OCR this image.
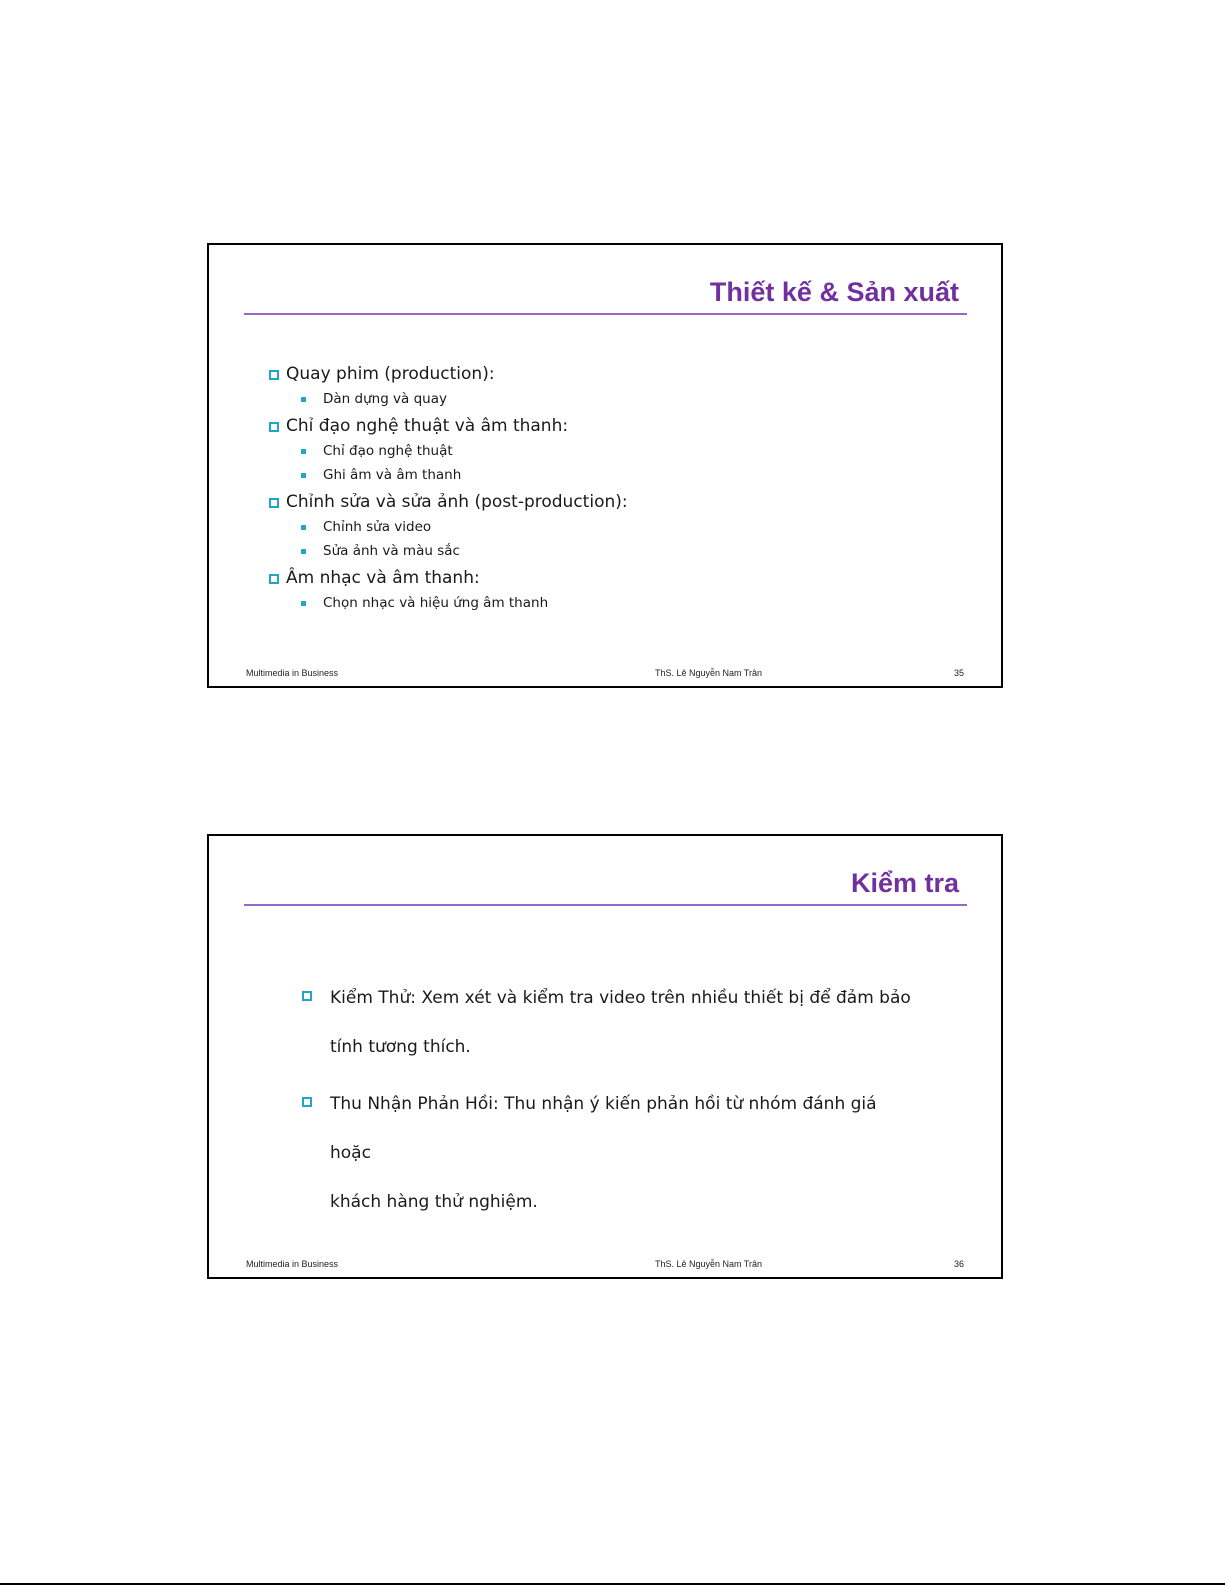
Thiết kế & Sản xuất
Quay phim (production):
Dàn dựng và quay
Chỉ đạo nghệ thuật và âm thanh:
Chỉ đạo nghệ thuật
Ghi âm và âm thanh
Chỉnh sửa và sửa ảnh (post-production):
Chỉnh sửa video
Sửa ảnh và màu sắc
Âm nhạc và âm thanh:
Chọn nhạc và hiệu ứng âm thanh
Multimedia in Business	ThS. Lê Nguyễn Nam Trân	35
Kiểm tra
Kiểm Thử: Xem xét và kiểm tra video trên nhiều thiết bị để đảm bảo
tính tương thích.
Thu Nhận Phản Hồi: Thu nhận ý kiến phản hồi từ nhóm đánh giá hoặc
khách hàng thử nghiệm.
Multimedia in Business	ThS. Lê Nguyễn Nam Trân	36
